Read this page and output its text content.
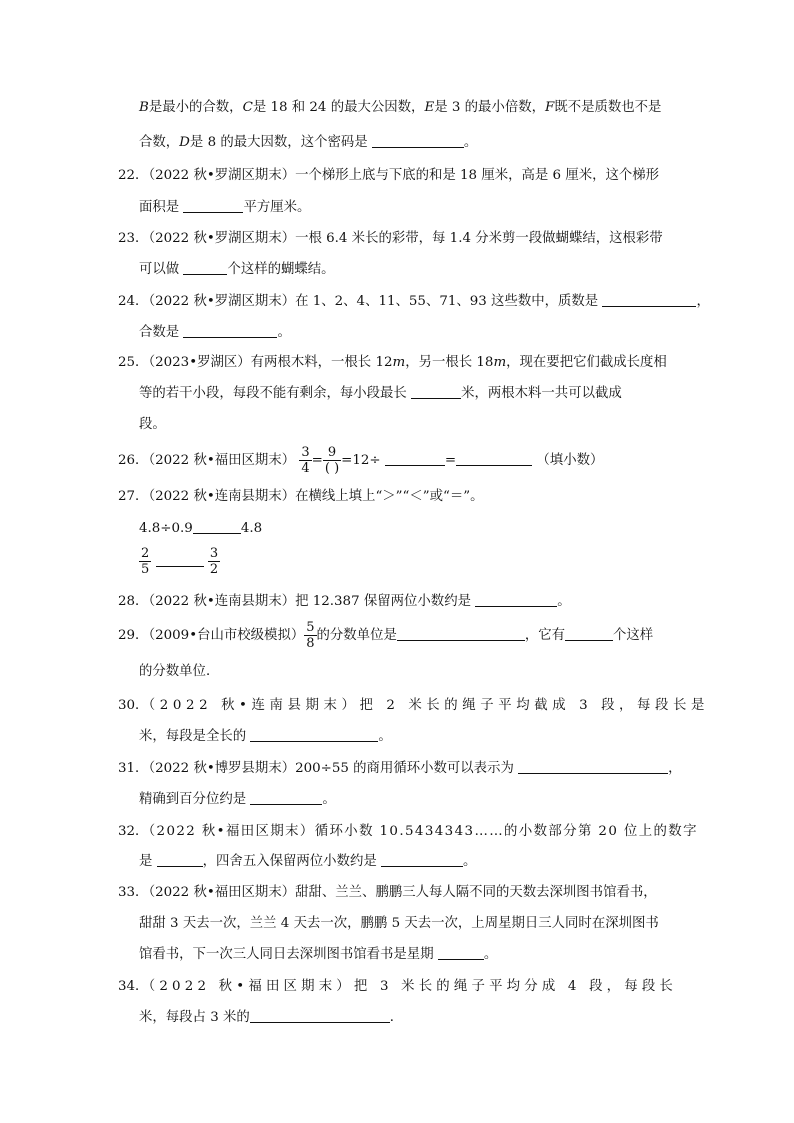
B是最小的合数，C是 18 和 24 的最大公因数，E是 3 的最小倍数，F既不是质数也不是
合数，D是 8 的最大因数，这个密码是	。
22．（2022 秋•罗湖区期末）一个梯形上底与下底的和是 18 厘米，高是 6 厘米，这个梯形
面积是	平方厘米。
23．（2022 秋•罗湖区期末）一根 6.4 米长的彩带，每 1.4 分米剪一段做蝴蝶结，这根彩带
可以做	个这样的蝴蝶结。
24．（2022 秋•罗湖区期末）在 1、2、4、11、55、71、93 这些数中，质数是	，
合数是	。
25．（2023•罗湖区）有两根木料，一根长 12m，另一根长 18m，现在要把它们截成长度相
等的若干小段，每段不能有剩余，每小段最长	米，两根木料一共可以截成
段。
26．（2022 秋•福田区期末） $\frac{3}{4} = \frac{9}{( )} =12\div$	=	（填小数）
27．（2022 秋•连南县期末）在横线上填上“＞”“＜”或“＝”。
4.8÷0.9	4.8
$\frac{2}{5}$
	$\frac{3}{2}$
28．（2022 秋•连南县期末）把 12.387 保留两位小数约是	。
29．（2009•台山市校级模拟） $\frac{5}{8}$ 的分数单位是	，它有	个这样
的分数单位．
30．（2022 秋•连南县期末）把 2 米长的绳子平均截成 3 段，每段长是
米，每段是全长的	。
31．（2022 秋•博罗县期末）200÷55 的商用循环小数可以表示为	，
精确到百分位约是	。
32．（2022 秋•福田区期末）循环小数 10.5434343……的小数部分第 20 位上的数字
是	，四舍五入保留两位小数约是	。
33．（2022 秋•福田区期末）甜甜、兰兰、鹏鹏三人每人隔不同的天数去深圳图书馆看书，
甜甜 3 天去一次，兰兰 4 天去一次，鹏鹏 5 天去一次，上周星期日三人同时在深圳图书
馆看书，下一次三人同日去深圳图书馆看书是星期	。
34．（2022 秋•福田区期末）把 3 米长的绳子平均分成 4 段，每段长
米，每段占 3 米的	．
